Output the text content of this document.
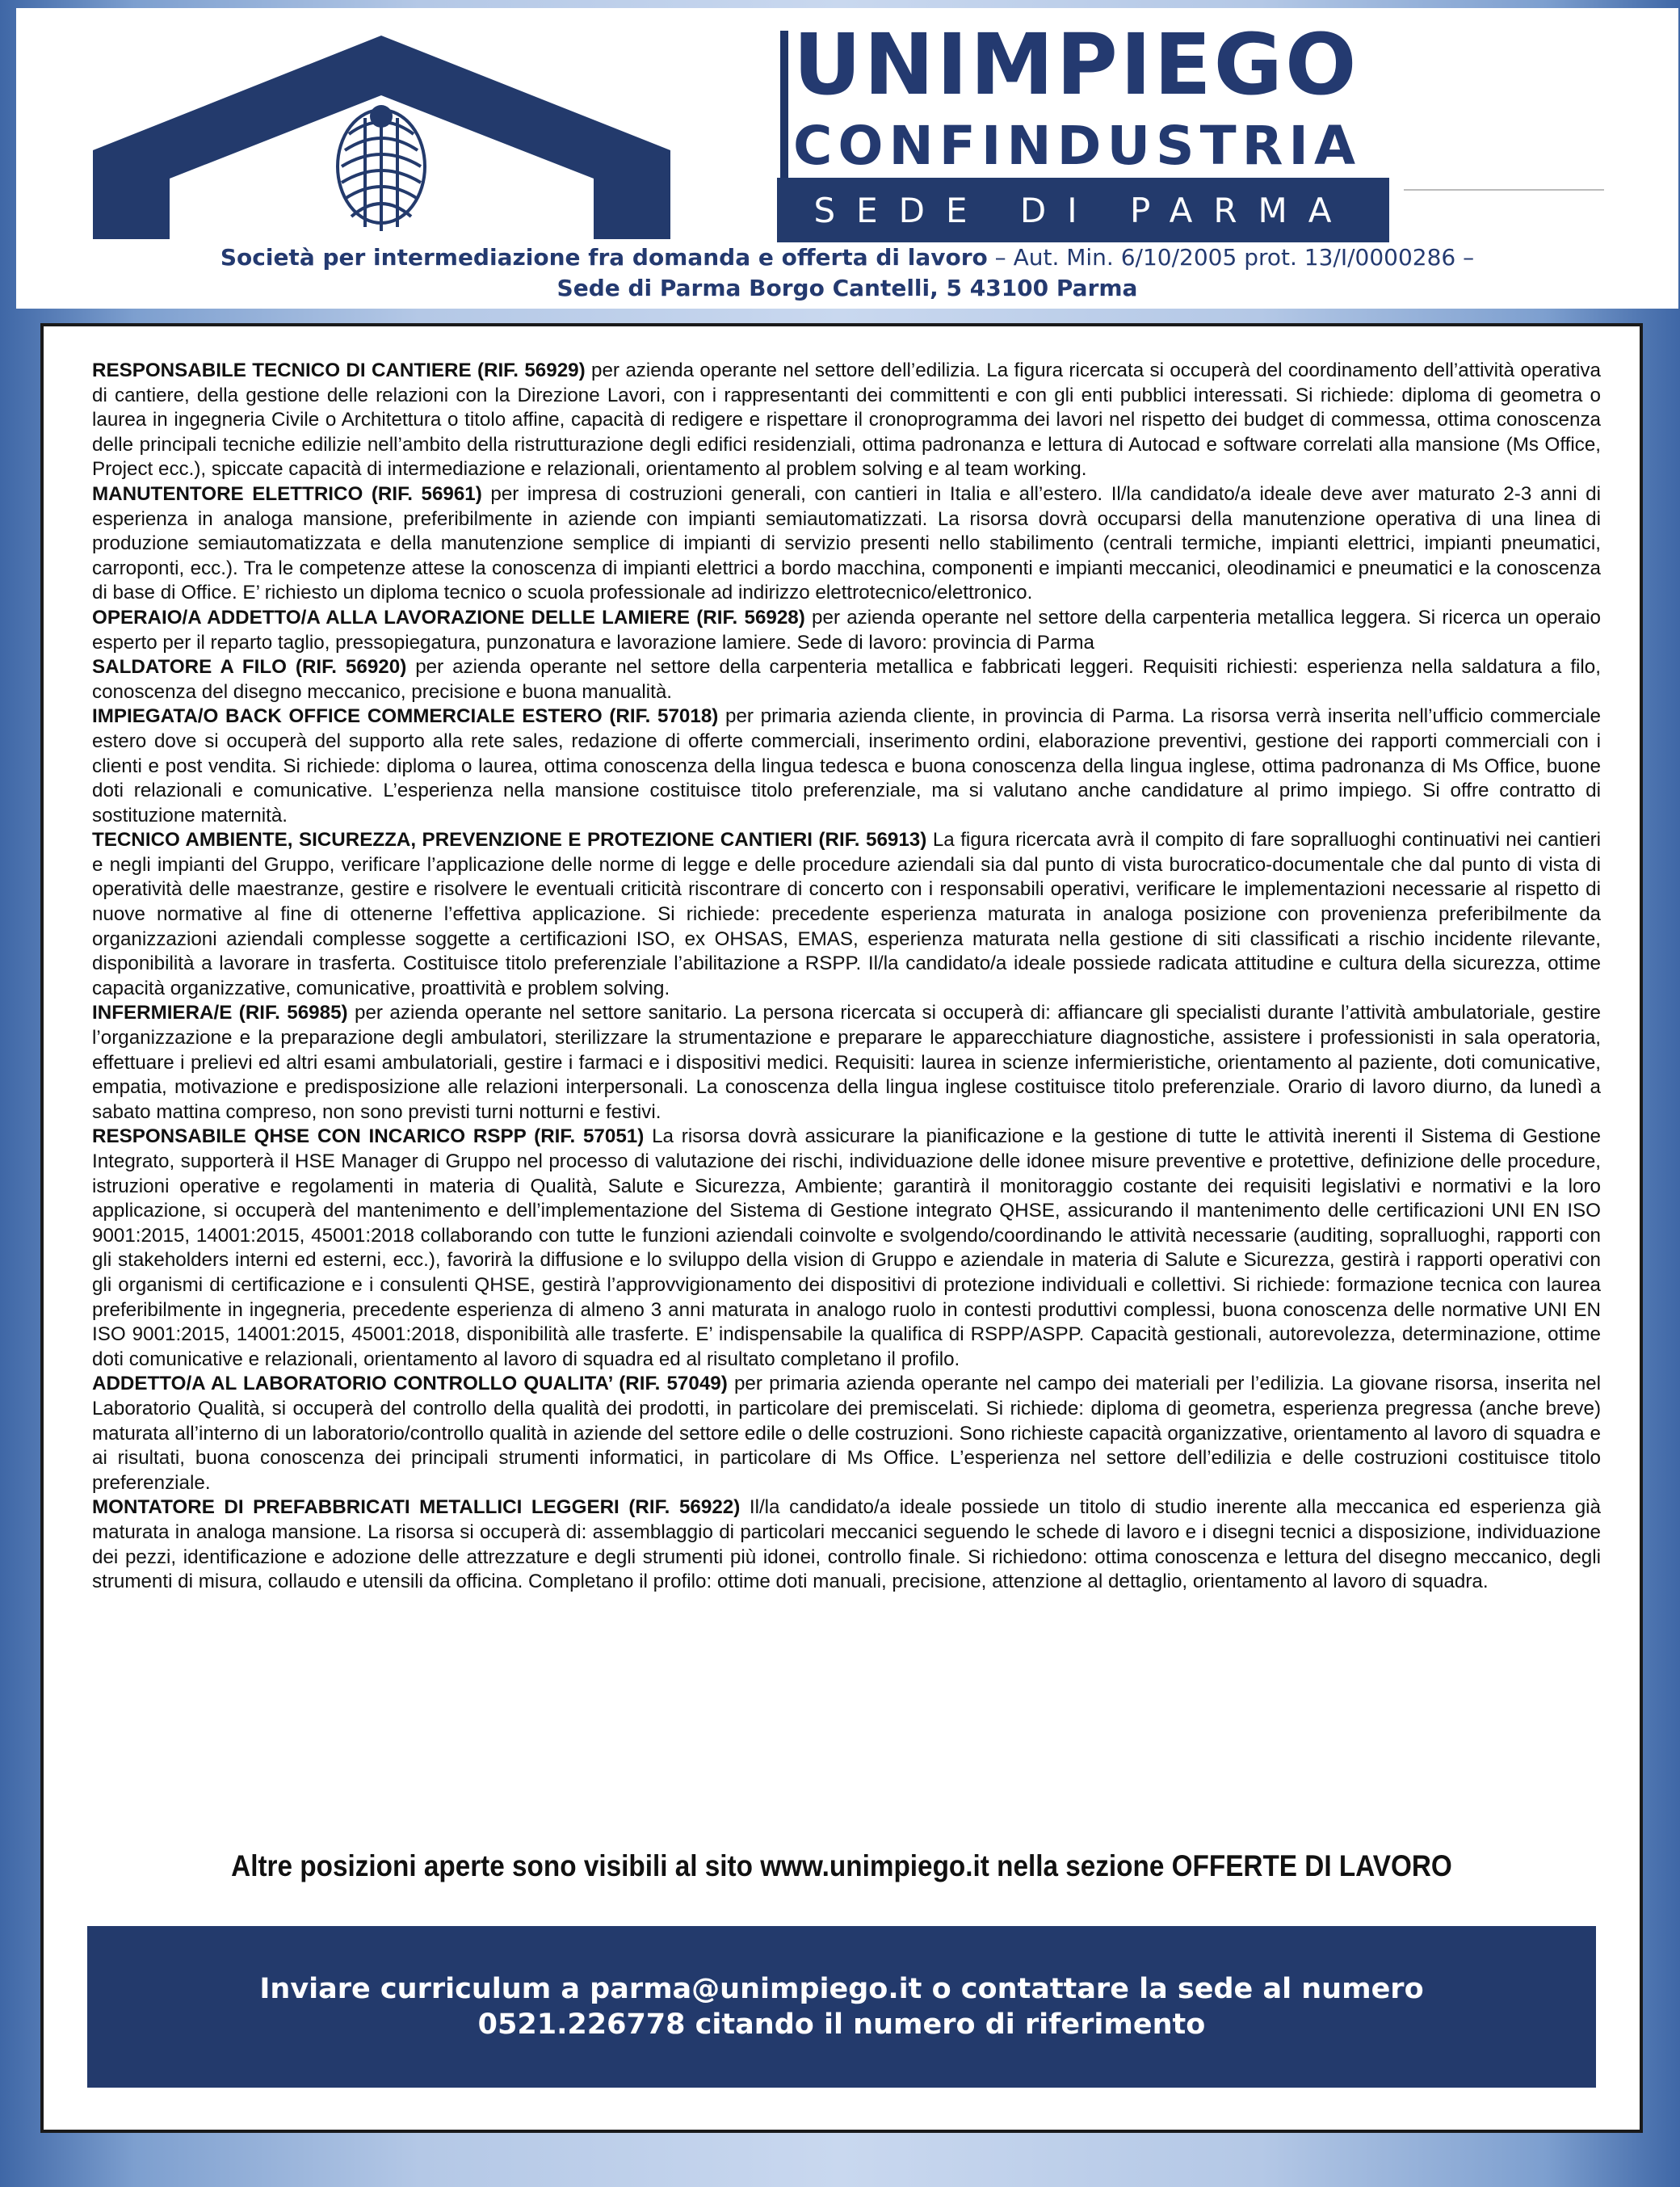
UNIMPIEGO
CONFINDUSTRIA
SEDE DI PARMA
Società per intermediazione fra domanda e offerta di lavoro – Aut. Min. 6/10/2005 prot. 13/I/0000286 –
Sede di Parma Borgo Cantelli, 5 43100 Parma

RESPONSABILE TECNICO DI CANTIERE (RIF. 56929) per azienda operante nel settore dell’edilizia. La figura ricercata si occuperà del coordinamento dell’attività operativa di cantiere, della gestione delle relazioni con la Direzione Lavori, con i rappresentanti dei committenti e con gli enti pubblici interessati. Si richiede: diploma di geometra o laurea in ingegneria Civile o Architettura o titolo affine, capacità di redigere e rispettare il cronoprogramma dei lavori nel rispetto dei budget di commessa, ottima conoscenza delle principali tecniche edilizie nell’ambito della ristrutturazione degli edifici residenziali, ottima padronanza e lettura di Autocad e software correlati alla mansione (Ms Office, Project ecc.), spiccate capacità di intermediazione e relazionali, orientamento al problem solving e al team working.

MANUTENTORE ELETTRICO (RIF. 56961) per impresa di costruzioni generali, con cantieri in Italia e all’estero. Il/la candidato/a ideale deve aver maturato 2-3 anni di esperienza in analoga mansione, preferibilmente in aziende con impianti semiautomatizzati. La risorsa dovrà occuparsi della manutenzione operativa di una linea di produzione semiautomatizzata e della manutenzione semplice di impianti di servizio presenti nello stabilimento (centrali termiche, impianti elettrici, impianti pneumatici, carroponti, ecc.). Tra le competenze attese la conoscenza di impianti elettrici a bordo macchina, componenti e impianti meccanici, oleodinamici e pneumatici e la conoscenza di base di Office. E’ richiesto un diploma tecnico o scuola professionale ad indirizzo elettrotecnico/elettronico.

OPERAIO/A ADDETTO/A ALLA LAVORAZIONE DELLE LAMIERE (RIF. 56928) per azienda operante nel settore della carpenteria metallica leggera. Si ricerca un operaio esperto per il reparto taglio, pressopiegatura, punzonatura e lavorazione lamiere. Sede di lavoro: provincia di Parma

SALDATORE A FILO (RIF. 56920) per azienda operante nel settore della carpenteria metallica e fabbricati leggeri. Requisiti richiesti: esperienza nella saldatura a filo, conoscenza del disegno meccanico, precisione e buona manualità.

IMPIEGATA/O BACK OFFICE COMMERCIALE ESTERO (RIF. 57018) per primaria azienda cliente, in provincia di Parma. La risorsa verrà inserita nell’ufficio commerciale estero dove si occuperà del supporto alla rete sales, redazione di offerte commerciali, inserimento ordini, elaborazione preventivi, gestione dei rapporti commerciali con i clienti e post vendita. Si richiede: diploma o laurea, ottima conoscenza della lingua tedesca e buona conoscenza della lingua inglese, ottima padronanza di Ms Office, buone doti relazionali e comunicative. L’esperienza nella mansione costituisce titolo preferenziale, ma si valutano anche candidature al primo impiego. Si offre contratto di sostituzione maternità.

TECNICO AMBIENTE, SICUREZZA, PREVENZIONE E PROTEZIONE CANTIERI (RIF. 56913) La figura ricercata avrà il compito di fare sopralluoghi continuativi nei cantieri e negli impianti del Gruppo, verificare l’applicazione delle norme di legge e delle procedure aziendali sia dal punto di vista burocratico-documentale che dal punto di vista di operatività delle maestranze, gestire e risolvere le eventuali criticità riscontrare di concerto con i responsabili operativi, verificare le implementazioni necessarie al rispetto di nuove normative al fine di ottenerne l’effettiva applicazione. Si richiede: precedente esperienza maturata in analoga posizione con provenienza preferibilmente da organizzazioni aziendali complesse soggette a certificazioni ISO, ex OHSAS, EMAS, esperienza maturata nella gestione di siti classificati a rischio incidente rilevante, disponibilità a lavorare in trasferta. Costituisce titolo preferenziale l’abilitazione a RSPP. Il/la candidato/a ideale possiede radicata attitudine e cultura della sicurezza, ottime capacità organizzative, comunicative, proattività e problem solving.

INFERMIERA/E (RIF. 56985) per azienda operante nel settore sanitario. La persona ricercata si occuperà di: affiancare gli specialisti durante l’attività ambulatoriale, gestire l’organizzazione e la preparazione degli ambulatori, sterilizzare la strumentazione e preparare le apparecchiature diagnostiche, assistere i professionisti in sala operatoria, effettuare i prelievi ed altri esami ambulatoriali, gestire i farmaci e i dispositivi medici. Requisiti: laurea in scienze infermieristiche, orientamento al paziente, doti comunicative, empatia, motivazione e predisposizione alle relazioni interpersonali. La conoscenza della lingua inglese costituisce titolo preferenziale. Orario di lavoro diurno, da lunedì a sabato mattina compreso, non sono previsti turni notturni e festivi.

RESPONSABILE QHSE CON INCARICO RSPP (RIF. 57051) La risorsa dovrà assicurare la pianificazione e la gestione di tutte le attività inerenti il Sistema di Gestione Integrato, supporterà il HSE Manager di Gruppo nel processo di valutazione dei rischi, individuazione delle idonee misure preventive e protettive, definizione delle procedure, istruzioni operative e regolamenti in materia di Qualità, Salute e Sicurezza, Ambiente; garantirà il monitoraggio costante dei requisiti legislativi e normativi e la loro applicazione, si occuperà del mantenimento e dell’implementazione del Sistema di Gestione integrato QHSE, assicurando il mantenimento delle certificazioni UNI EN ISO 9001:2015, 14001:2015, 45001:2018 collaborando con tutte le funzioni aziendali coinvolte e svolgendo/coordinando le attività necessarie (auditing, sopralluoghi, rapporti con gli stakeholders interni ed esterni, ecc.), favorirà la diffusione e lo sviluppo della vision di Gruppo e aziendale in materia di Salute e Sicurezza, gestirà i rapporti operativi con gli organismi di certificazione e i consulenti QHSE, gestirà l’approvvigionamento dei dispositivi di protezione individuali e collettivi. Si richiede: formazione tecnica con laurea preferibilmente in ingegneria, precedente esperienza di almeno 3 anni maturata in analogo ruolo in contesti produttivi complessi, buona conoscenza delle normative UNI EN ISO 9001:2015, 14001:2015, 45001:2018, disponibilità alle trasferte. E’ indispensabile la qualifica di RSPP/ASPP. Capacità gestionali, autorevolezza, determinazione, ottime doti comunicative e relazionali, orientamento al lavoro di squadra ed al risultato completano il profilo.

ADDETTO/A AL LABORATORIO CONTROLLO QUALITA’ (RIF. 57049) per primaria azienda operante nel campo dei materiali per l’edilizia. La giovane risorsa, inserita nel Laboratorio Qualità, si occuperà del controllo della qualità dei prodotti, in particolare dei premiscelati. Si richiede: diploma di geometra, esperienza pregressa (anche breve) maturata all’interno di un laboratorio/controllo qualità in aziende del settore edile o delle costruzioni. Sono richieste capacità organizzative, orientamento al lavoro di squadra e ai risultati, buona conoscenza dei principali strumenti informatici, in particolare di Ms Office. L’esperienza nel settore dell’edilizia e delle costruzioni costituisce titolo preferenziale.

MONTATORE DI PREFABBRICATI METALLICI LEGGERI (RIF. 56922) Il/la candidato/a ideale possiede un titolo di studio inerente alla meccanica ed esperienza già maturata in analoga mansione. La risorsa si occuperà di: assemblaggio di particolari meccanici seguendo le schede di lavoro e i disegni tecnici a disposizione, individuazione dei pezzi, identificazione e adozione delle attrezzature e degli strumenti più idonei, controllo finale. Si richiedono: ottima conoscenza e lettura del disegno meccanico, degli strumenti di misura, collaudo e utensili da officina. Completano il profilo: ottime doti manuali, precisione, attenzione al dettaglio, orientamento al lavoro di squadra.

Altre posizioni aperte sono visibili al sito www.unimpiego.it nella sezione OFFERTE DI LAVORO
Inviare curriculum a parma@unimpiego.it o contattare la sede al numero
0521.226778 citando il numero di riferimento
